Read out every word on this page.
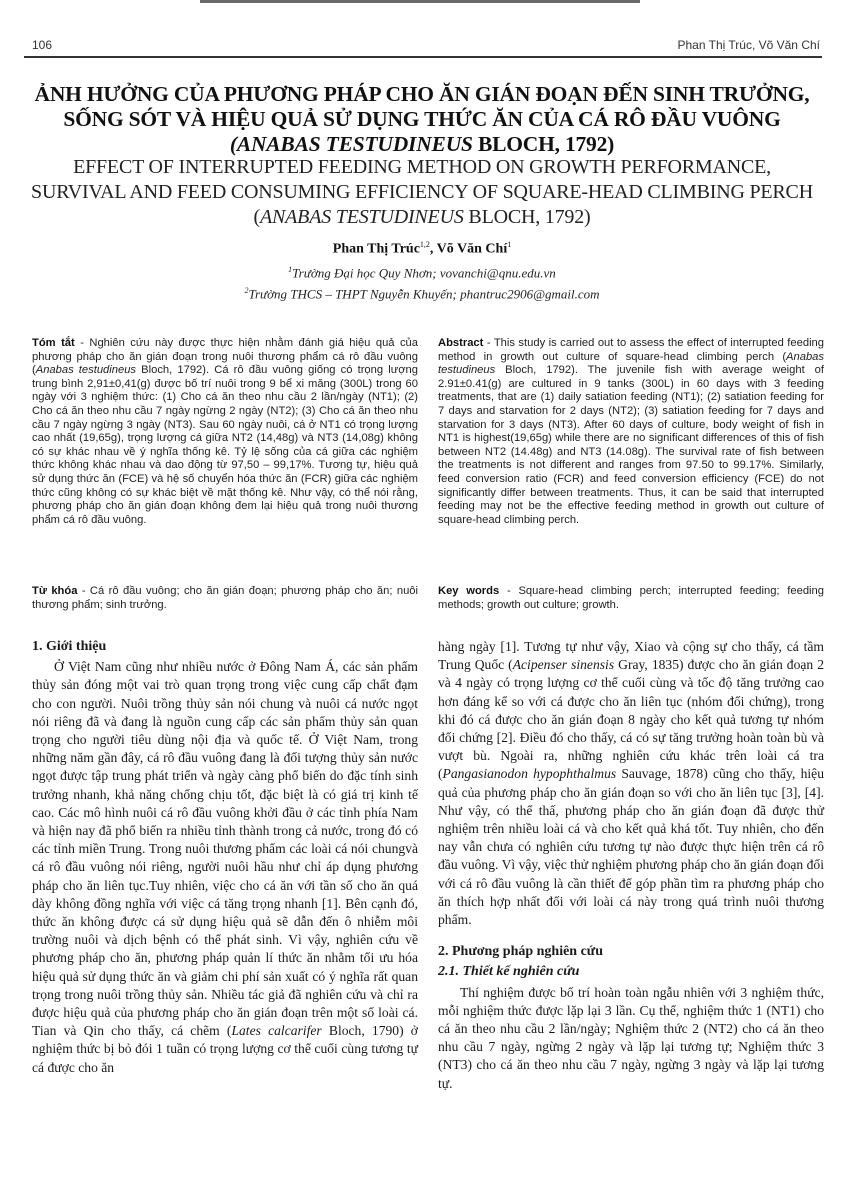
106	Phan Thị Trúc, Võ Văn Chí
ẢNH HƯỞNG CỦA PHƯƠNG PHÁP CHO ĂN GIÁN ĐOẠN ĐẾN SINH TRƯỞNG,
SỐNG SÓT VÀ HIỆU QUẢ SỬ DỤNG THỨC ĂN CỦA CÁ RÔ ĐẦU VUÔNG
(ANABAS TESTUDINEUS BLOCH, 1792)
EFFECT OF INTERRUPTED FEEDING METHOD ON GROWTH PERFORMANCE,
SURVIVAL AND FEED CONSUMING EFFICIENCY OF SQUARE-HEAD CLIMBING PERCH
(ANABAS TESTUDINEUS BLOCH, 1792)
Phan Thị Trúc$^{1,2}$, Võ Văn Chí$^1$
$^1$Trường Đại học Quy Nhơn; vovanchi@qnu.edu.vn
$^2$Trường THCS – THPT Nguyễn Khuyến; phantruc2906@gmail.com
Tóm tắt - Nghiên cứu này được thực hiện nhằm đánh giá hiệu quả của phương pháp cho ăn gián đoạn trong nuôi thương phẩm cá rô đầu vuông (Anabas testudineus Bloch, 1792). Cá rô đầu vuông giống có trọng lượng trung bình 2,91±0,41(g) được bố trí nuôi trong 9 bể xi măng (300L) trong 60 ngày với 3 nghiệm thức: (1) Cho cá ăn theo nhu cầu 2 lần/ngày (NT1); (2) Cho cá ăn theo nhu cầu 7 ngày ngừng 2 ngày (NT2); (3) Cho cá ăn theo nhu cầu 7 ngày ngừng 3 ngày (NT3). Sau 60 ngày nuôi, cá ở NT1 có trọng lượng cao nhất (19,65g), trọng lượng cá giữa NT2 (14,48g) và NT3 (14,08g) không có sự khác nhau về ý nghĩa thống kê. Tỷ lệ sống của cá giữa các nghiệm thức không khác nhau và dao động từ 97,50 – 99,17%. Tương tự, hiệu quả sử dụng thức ăn (FCE) và hệ số chuyển hóa thức ăn (FCR) giữa các nghiệm thức cũng không có sự khác biệt về mặt thống kê. Như vậy, có thể nói rằng, phương pháp cho ăn gián đoạn không đem lại hiệu quả trong nuôi thương phẩm cá rô đầu vuông.
Từ khóa - Cá rô đầu vuông; cho ăn gián đoạn; phương pháp cho ăn; nuôi thương phẩm; sinh trưởng.
Abstract - This study is carried out to assess the effect of interrupted feeding method in growth out culture of square-head climbing perch (Anabas testudineus Bloch, 1792). The juvenile fish with average weight of 2.91±0.41(g) are cultured in 9 tanks (300L) in 60 days with 3 feeding treatments, that are (1) daily satiation feeding (NT1); (2) satiation feeding for 7 days and starvation for 2 days (NT2); (3) satiation feeding for 7 days and starvation for 3 days (NT3). After 60 days of culture, body weight of fish in NT1 is highest(19,65g) while there are no significant differences of this of fish between NT2 (14.48g) and NT3 (14.08g). The survival rate of fish between the treatments is not different and ranges from 97.50 to 99.17%. Similarly, feed conversion ratio (FCR) and feed conversion efficiency (FCE) do not significantly differ between treatments. Thus, it can be said that interrupted feeding may not be the effective feeding method in growth out culture of square-head climbing perch.
Key words - Square-head climbing perch; interrupted feeding; feeding methods; growth out culture; growth.
1. Giới thiệu

Ở Việt Nam cũng như nhiều nước ở Đông Nam Á, các sản phẩm thủy sản đóng một vai trò quan trọng trong việc cung cấp chất đạm cho con người. Nuôi trồng thủy sản nói chung và nuôi cá nước ngọt nói riêng đã và đang là nguồn cung cấp các sản phẩm thủy sản quan trọng cho người tiêu dùng nội địa và quốc tế. Ở Việt Nam, trong những năm gần đây, cá rô đầu vuông đang là đối tượng thủy sản nước ngọt được tập trung phát triển và ngày càng phổ biến do đặc tính sinh trưởng nhanh, khả năng chống chịu tốt, đặc biệt là có giá trị kinh tế cao. Các mô hình nuôi cá rô đầu vuông khởi đầu ở các tỉnh phía Nam và hiện nay đã phổ biến ra nhiều tỉnh thành trong cả nước, trong đó có các tỉnh miền Trung. Trong nuôi thương phẩm các loài cá nói chungvà cá rô đầu vuông nói riêng, người nuôi hầu như chỉ áp dụng phương pháp cho ăn liên tục.Tuy nhiên, việc cho cá ăn với tần số cho ăn quá dày không đồng nghĩa với việc cá tăng trọng nhanh [1]. Bên cạnh đó, thức ăn không được cá sử dụng hiệu quả sẽ dẫn đến ô nhiễm môi trường nuôi và dịch bệnh có thể phát sinh. Vì vậy, nghiên cứu về phương pháp cho ăn, phương pháp quản lí thức ăn nhằm tối ưu hóa hiệu quả sử dụng thức ăn và giảm chi phí sản xuất có ý nghĩa rất quan trọng trong nuôi trồng thủy sản. Nhiều tác giả đã nghiên cứu và chỉ ra được hiệu quả của phương pháp cho ăn gián đoạn trên một số loài cá. Tian và Qin cho thấy, cá chẽm (Lates calcarifer Bloch, 1790) ở nghiệm thức bị bỏ đói 1 tuần có trọng lượng cơ thể cuối cùng tương tự cá được cho ăn

hàng ngày [1]. Tương tự như vậy, Xiao và cộng sự cho thấy, cá tầm Trung Quốc (Acipenser sinensis Gray, 1835) được cho ăn gián đoạn 2 và 4 ngày có trọng lượng cơ thể cuối cùng và tốc độ tăng trưởng cao hơn đáng kể so với cá được cho ăn liên tục (nhóm đối chứng), trong khi đó cá được cho ăn gián đoạn 8 ngày cho kết quả tương tự nhóm đối chứng [2]. Điều đó cho thấy, cá có sự tăng trưởng hoàn toàn bù và vượt bù. Ngoài ra, những nghiên cứu khác trên loài cá tra (Pangasianodon hypophthalmus Sauvage, 1878) cũng cho thấy, hiệu quả của phương pháp cho ăn gián đoạn so với cho ăn liên tục [3], [4]. Như vậy, có thể thấ, phương pháp cho ăn gián đoạn đã được thử nghiệm trên nhiều loài cá và cho kết quả khá tốt. Tuy nhiên, cho đến nay vẫn chưa có nghiên cứu tương tự nào được thực hiện trên cá rô đầu vuông. Vì vậy, việc thử nghiệm phương pháp cho ăn gián đoạn đối với cá rô đầu vuông là cần thiết để góp phần tìm ra phương pháp cho ăn thích hợp nhất đối với loài cá này trong quá trình nuôi thương phẩm.

2. Phương pháp nghiên cứu
2.1. Thiết kế nghiên cứu

Thí nghiệm được bố trí hoàn toàn ngẫu nhiên với 3 nghiệm thức, mỗi nghiệm thức được lặp lại 3 lần. Cụ thể, nghiệm thức 1 (NT1) cho cá ăn theo nhu cầu 2 lần/ngày; Nghiệm thức 2 (NT2) cho cá ăn theo nhu cầu 7 ngày, ngừng 2 ngày và lặp lại tương tự; Nghiệm thức 3 (NT3) cho cá ăn theo nhu cầu 7 ngày, ngừng 3 ngày và lặp lại tương tự.
